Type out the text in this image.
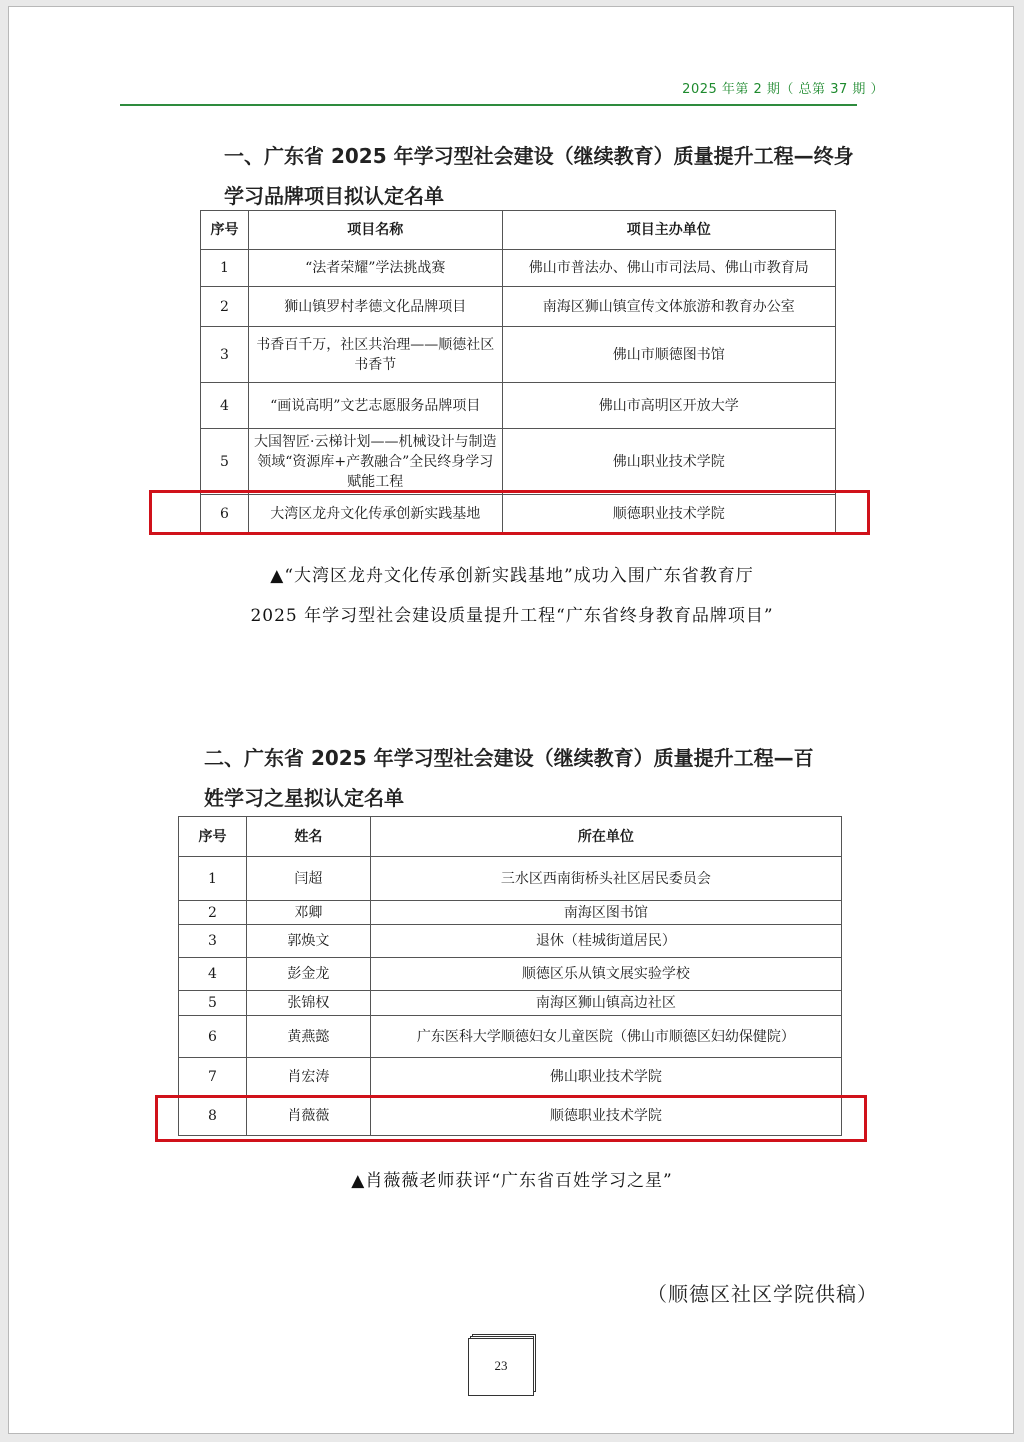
2025 年第 2 期（ 总第 37 期 ）
一、广东省 2025 年学习型社会建设（继续教育）质量提升工程—终身
学习品牌项目拟认定名单
序号	项目名称	项目主办单位
1	“法者荣耀”学法挑战赛	佛山市普法办、佛山市司法局、佛山市教育局
2	狮山镇罗村孝德文化品牌项目	南海区狮山镇宣传文体旅游和教育办公室
3	书香百千万，社区共治理——顺德社区书香节	佛山市顺德图书馆
4	“画说高明”文艺志愿服务品牌项目	佛山市高明区开放大学
5	大国智匠·云梯计划——机械设计与制造领域“资源库+产教融合”全民终身学习赋能工程	佛山职业技术学院
6	大湾区龙舟文化传承创新实践基地	顺德职业技术学院
▲“大湾区龙舟文化传承创新实践基地”成功入围广东省教育厅
2025 年学习型社会建设质量提升工程“广东省终身教育品牌项目”
二、广东省 2025 年学习型社会建设（继续教育）质量提升工程—百
姓学习之星拟认定名单
序号	姓名	所在单位
1	闫超	三水区西南街桥头社区居民委员会
2	邓卿	南海区图书馆
3	郭焕文	退休（桂城街道居民）
4	彭金龙	顺德区乐从镇文展实验学校
5	张锦权	南海区狮山镇高边社区
6	黄燕懿	广东医科大学顺德妇女儿童医院（佛山市顺德区妇幼保健院）
7	肖宏涛	佛山职业技术学院
8	肖薇薇	顺德职业技术学院
▲肖薇薇老师获评“广东省百姓学习之星”
（顺德区社区学院供稿）
23
